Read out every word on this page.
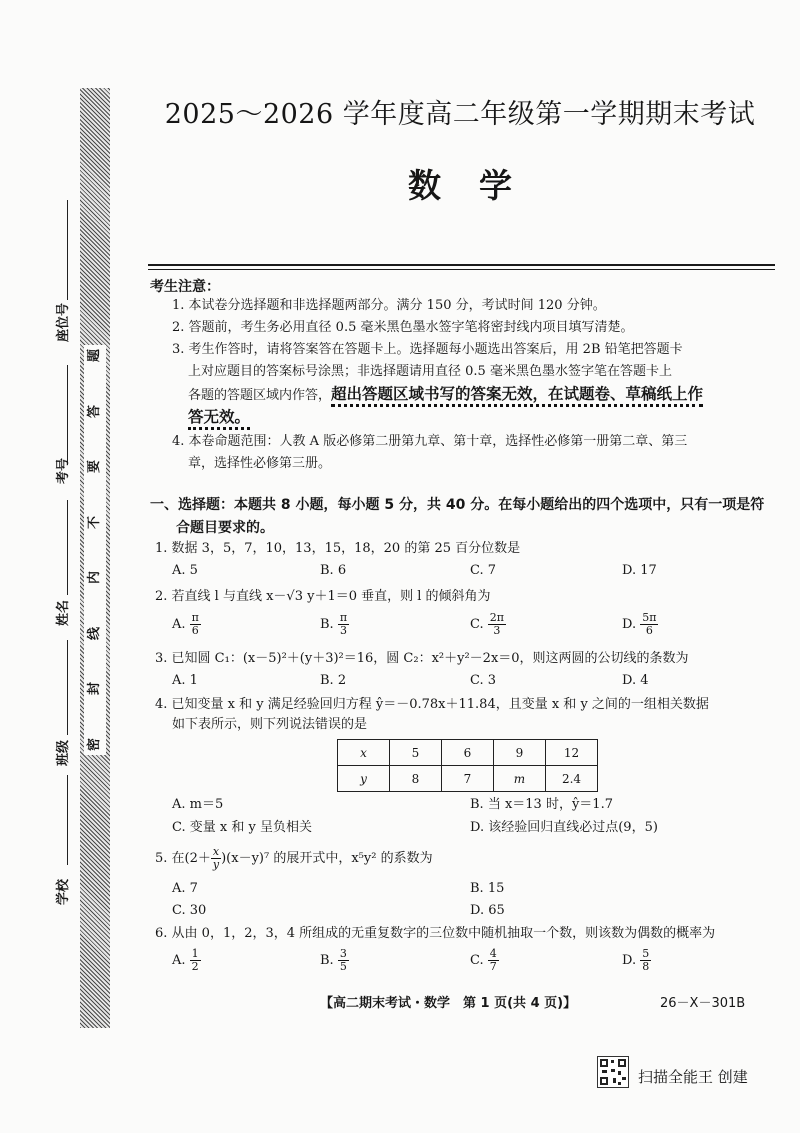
题
答
要
不
内
线
封
密
座位号
考号
姓名
班级
学校
2025～2026 学年度高二年级第一学期期末考试
数学
考生注意：
1. 本试卷分选择题和非选择题两部分。满分 150 分，考试时间 120 分钟。
2. 答题前，考生务必用直径 0.5 毫米黑色墨水签字笔将密封线内项目填写清楚。
3. 考生作答时，请将答案答在答题卡上。选择题每小题选出答案后，用 2B 铅笔把答题卡
上对应题目的答案标号涂黑；非选择题请用直径 0.5 毫米黑色墨水签字笔在答题卡上
各题的答题区域内作答，超出答题区域书写的答案无效，在试题卷、草稿纸上作
答无效。
4. 本卷命题范围：人教 A 版必修第二册第九章、第十章，选择性必修第一册第二章、第三
章，选择性必修第三册。
一、选择题：本题共 8 小题，每小题 5 分，共 40 分。在每小题给出的四个选项中，只有一项是符
合题目要求的。
1. 数据 3，5，7，10，13，15，18，20 的第 25 百分位数是
A. 5	B. 6	C. 7	D. 17
2. 若直线 l 与直线 x－√3 y＋1＝0 垂直，则 l 的倾斜角为
A. $\frac{\pi}{6}$	B. $\frac{\pi}{3}$	C. $\frac{2\pi}{3}$	D. $\frac{5\pi}{6}$
3. 已知圆 C₁：(x－5)²＋(y＋3)²＝16，圆 C₂：x²＋y²－2x＝0，则这两圆的公切线的条数为
A. 1	B. 2	C. 3	D. 4
4. 已知变量 x 和 y 满足经验回归方程 ŷ＝－0.78x＋11.84，且变量 x 和 y 之间的一组相关数据
如下表所示，则下列说法错误的是
x	5	6	9	12
y	8	7	m	2.4
A. m＝5	B. 当 x＝13 时，ŷ＝1.7
C. 变量 x 和 y 呈负相关	D. 该经验回归直线必过点(9，5)
5. 在$(2+ \frac{x}{y} )(x-y)^7$ 的展开式中，x⁵y² 的系数为
A. 7	B. 15
C. 30	D. 65
6. 从由 0，1，2，3，4 所组成的无重复数字的三位数中随机抽取一个数，则该数为偶数的概率为
A. $\frac{1}{2}$	B. $\frac{3}{5}$	C. $\frac{4}{7}$	D. $\frac{5}{8}$
【高二期末考试・数学　第 1 页(共 4 页)】	26－X－301B
扫描全能王 创建
